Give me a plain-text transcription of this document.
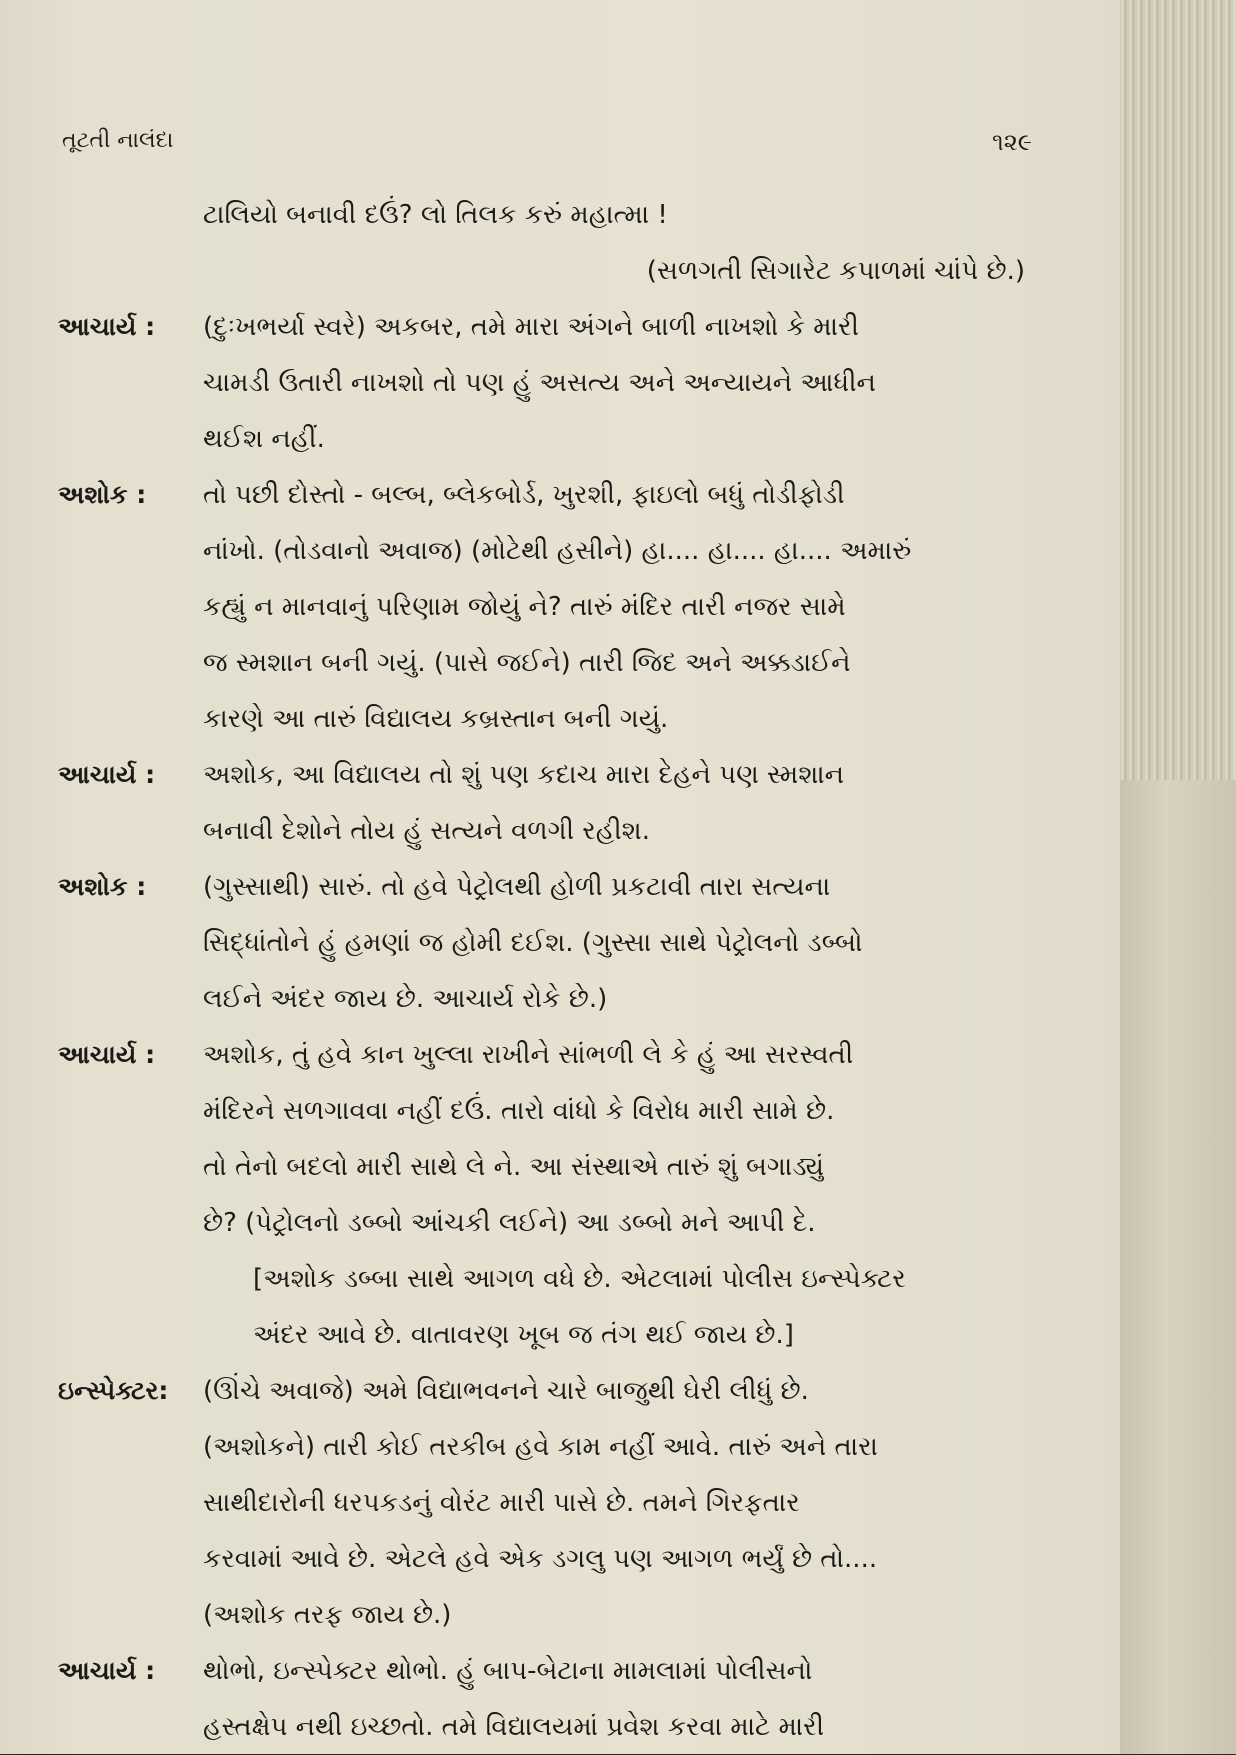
તૂટતી નાલંદા	૧૨૯
ટાલિયો બનાવી દઉં? લો તિલક કરું મહાત્મા !
(સળગતી સિગારેટ કપાળમાં ચાંપે છે.)
આચાર્ય :	(દુઃખભર્યા સ્વરે) અકબર, તમે મારા અંગને બાળી નાખશો કે મારી
ચામડી ઉતારી નાખશો તો પણ હું અસત્ય અને અન્યાયને આધીન
થઈશ નહીં.
અશોક :	તો પછી દોસ્તો - બલ્બ, બ્લેકબોર્ડ, ખુરશી, ફાઇલો બધું તોડીફોડી
નાંખો. (તોડવાનો અવાજ) (મોટેથી હસીને) હા.... હા.... હા.... અમારું
કહ્યું ન માનવાનું પરિણામ જોયું ને? તારું મંદિર તારી નજર સામે
જ સ્મશાન બની ગયું. (પાસે જઈને) તારી જિદ અને અક્કડાઈને
કારણે આ તારું વિદ્યાલય કબ્રસ્તાન બની ગયું.
આચાર્ય :	અશોક, આ વિદ્યાલય તો શું પણ કદાચ મારા દેહને પણ સ્મશાન
બનાવી દેશોને તોય હું સત્યને વળગી રહીશ.
અશોક :	(ગુસ્સાથી) સારું. તો હવે પેટ્રોલથી હોળી પ્રકટાવી તારા સત્યના
સિદ્ધાંતોને હું હમણાં જ હોમી દઈશ. (ગુસ્સા સાથે પેટ્રોલનો ડબ્બો
લઈને અંદર જાય છે. આચાર્ય રોકે છે.)
આચાર્ય :	અશોક, તું હવે કાન ખુલ્લા રાખીને સાંભળી લે કે હું આ સરસ્વતી
મંદિરને સળગાવવા નહીં દઉં. તારો વાંધો કે વિરોધ મારી સામે છે.
તો તેનો બદલો મારી સાથે લે ને. આ સંસ્થાએ તારું શું બગાડ્યું
છે? (પેટ્રોલનો ડબ્બો આંચકી લઈને) આ ડબ્બો મને આપી દે.
[અશોક ડબ્બા સાથે આગળ વધે છે. એટલામાં પોલીસ ઇન્સ્પેક્ટર
અંદર આવે છે. વાતાવરણ ખૂબ જ તંગ થઈ જાય છે.]
ઇન્સ્પેક્ટર:	(ઊંચે અવાજે) અમે વિદ્યાભવનને ચારે બાજુથી ઘેરી લીધું છે.
(અશોકને) તારી કોઈ તરકીબ હવે કામ નહીં આવે. તારું અને તારા
સાથીદારોની ધરપકડનું વોરંટ મારી પાસે છે. તમને ગિરફતાર
કરવામાં આવે છે. એટલે હવે એક ડગલુ પણ આગળ ભર્યું છે તો....
(અશોક તરફ જાય છે.)
આચાર્ય :	થોભો, ઇન્સ્પેક્ટર થોભો. હું બાપ-બેટાના મામલામાં પોલીસનો
હસ્તક્ષેપ નથી ઇચ્છતો. તમે વિદ્યાલયમાં પ્રવેશ કરવા માટે મારી
